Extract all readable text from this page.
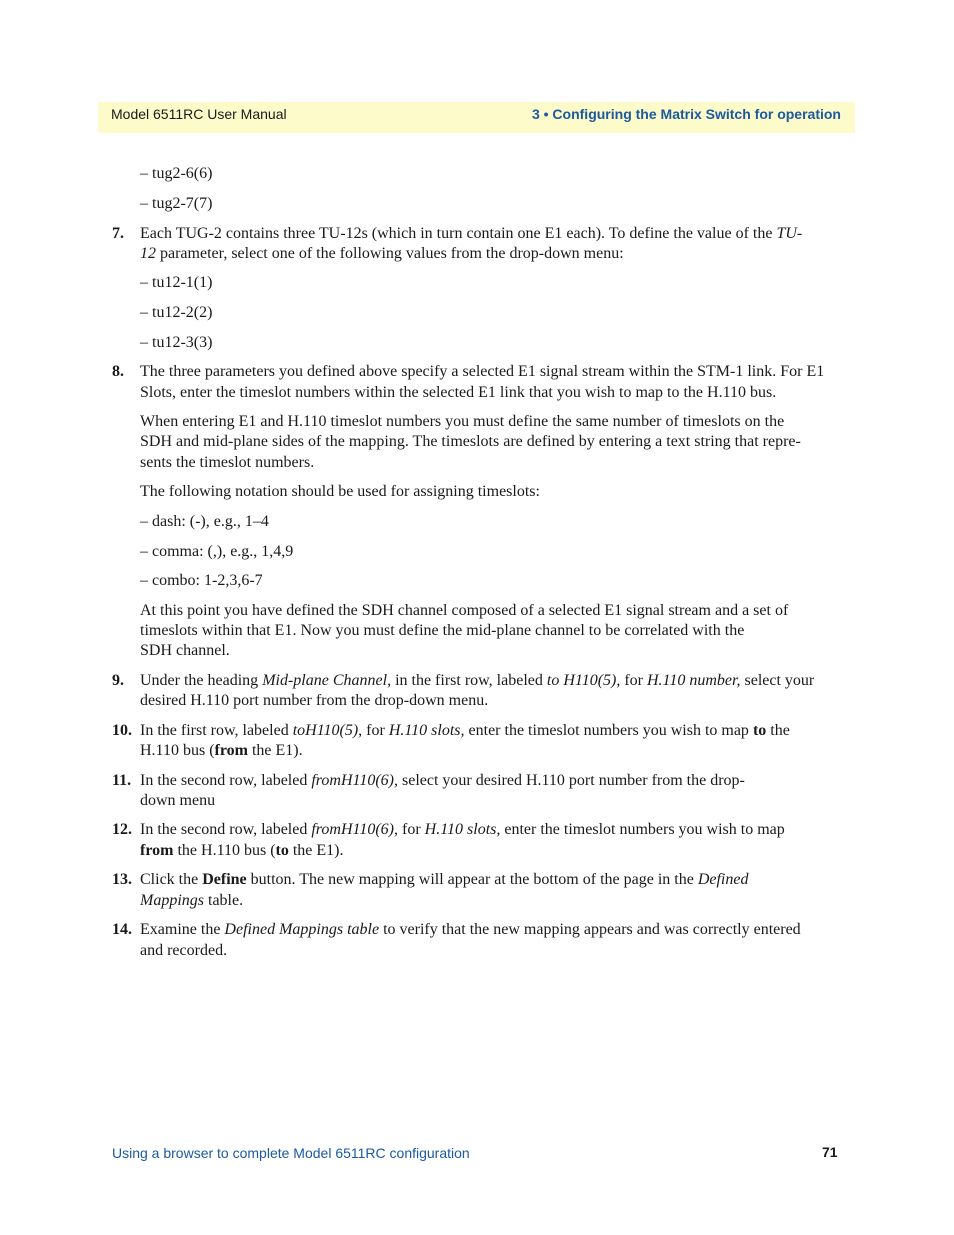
Model 6511RC User Manual	3 • Configuring the Matrix Switch for operation
– tug2-6(6)
– tug2-7(7)
7. Each TUG-2 contains three TU-12s (which in turn contain one E1 each). To define the value of the TU-
12 parameter, select one of the following values from the drop-down menu:
– tu12-1(1)
– tu12-2(2)
– tu12-3(3)
8. The three parameters you defined above specify a selected E1 signal stream within the STM-1 link. For E1
Slots, enter the timeslot numbers within the selected E1 link that you wish to map to the H.110 bus.
When entering E1 and H.110 timeslot numbers you must define the same number of timeslots on the
SDH and mid-plane sides of the mapping. The timeslots are defined by entering a text string that repre-
sents the timeslot numbers.
The following notation should be used for assigning timeslots:
– dash: (-), e.g., 1–4
– comma: (,), e.g., 1,4,9
– combo: 1-2,3,6-7
At this point you have defined the SDH channel composed of a selected E1 signal stream and a set of
timeslots within that E1. Now you must define the mid-plane channel to be correlated with the
SDH channel.
9. Under the heading Mid-plane Channel, in the first row, labeled to H110(5), for H.110 number, select your
desired H.110 port number from the drop-down menu.
10. In the first row, labeled toH110(5), for H.110 slots, enter the timeslot numbers you wish to map to the
H.110 bus (from the E1).
11. In the second row, labeled fromH110(6), select your desired H.110 port number from the drop-
down menu
12. In the second row, labeled fromH110(6), for H.110 slots, enter the timeslot numbers you wish to map
from the H.110 bus (to the E1).
13. Click the Define button. The new mapping will appear at the bottom of the page in the Defined
Mappings table.
14. Examine the Defined Mappings table to verify that the new mapping appears and was correctly entered
and recorded.
Using a browser to complete Model 6511RC configuration	71
